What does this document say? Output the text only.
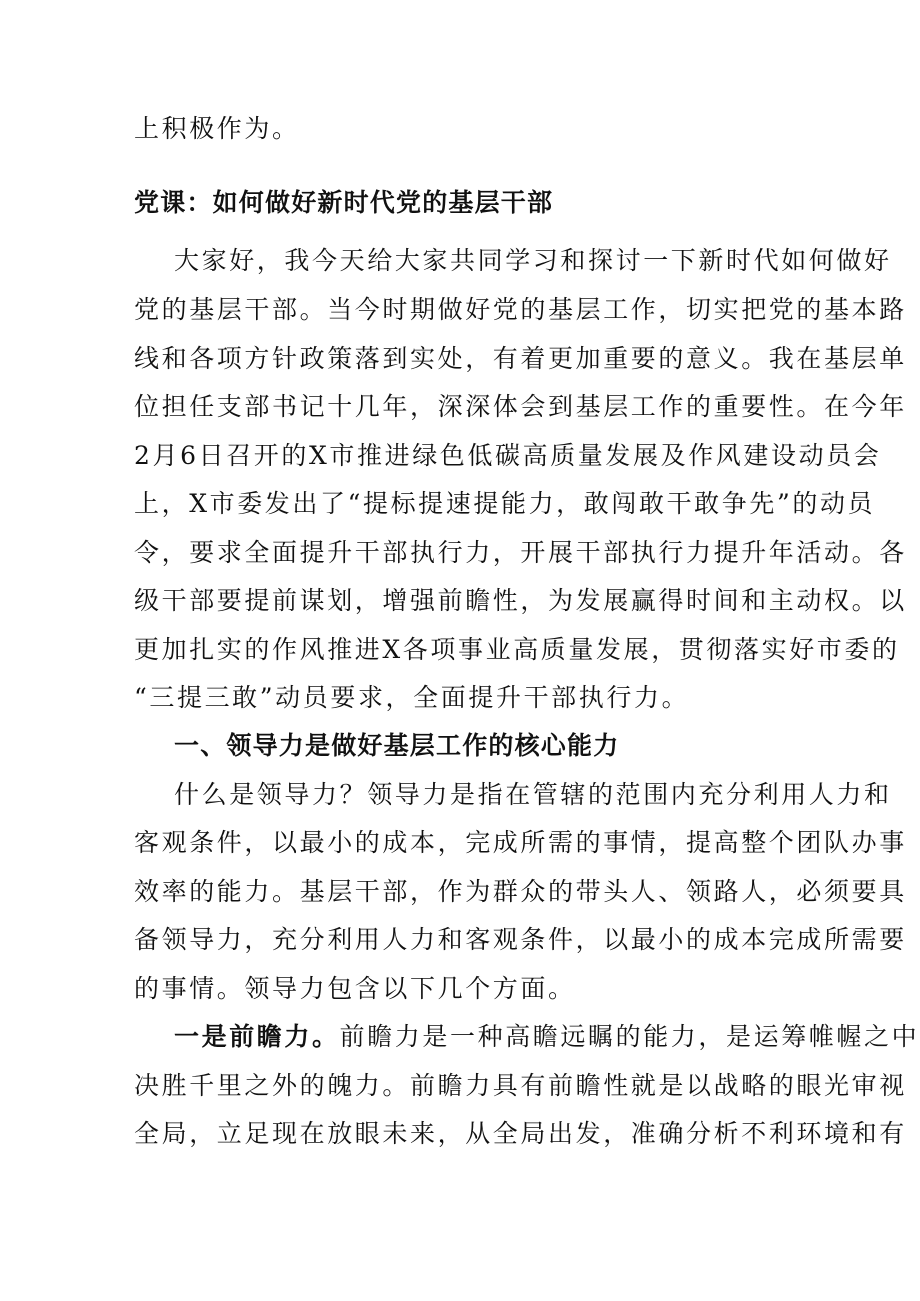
上积极作为。
党课：如何做好新时代党的基层干部
大家好，我今天给大家共同学习和探讨一下新时代如何做好
党的基层干部。当今时期做好党的基层工作，切实把党的基本路
线和各项方针政策落到实处，有着更加重要的意义。我在基层单
位担任支部书记十几年，深深体会到基层工作的重要性。在今年
2月6日召开的X市推进绿色低碳高质量发展及作风建设动员会
上，X市委发出了“提标提速提能力，敢闯敢干敢争先”的动员
令，要求全面提升干部执行力，开展干部执行力提升年活动。各
级干部要提前谋划，增强前瞻性，为发展赢得时间和主动权。以
更加扎实的作风推进X各项事业高质量发展，贯彻落实好市委的
“三提三敢”动员要求，全面提升干部执行力。
一、领导力是做好基层工作的核心能力
什么是领导力？领导力是指在管辖的范围内充分利用人力和
客观条件，以最小的成本，完成所需的事情，提高整个团队办事
效率的能力。基层干部，作为群众的带头人、领路人，必须要具
备领导力，充分利用人力和客观条件，以最小的成本完成所需要
的事情。领导力包含以下几个方面。
一是前瞻力。前瞻力是一种高瞻远瞩的能力，是运筹帷幄之中
决胜千里之外的魄力。前瞻力具有前瞻性就是以战略的眼光审视
全局，立足现在放眼未来，从全局出发，准确分析不利环境和有
